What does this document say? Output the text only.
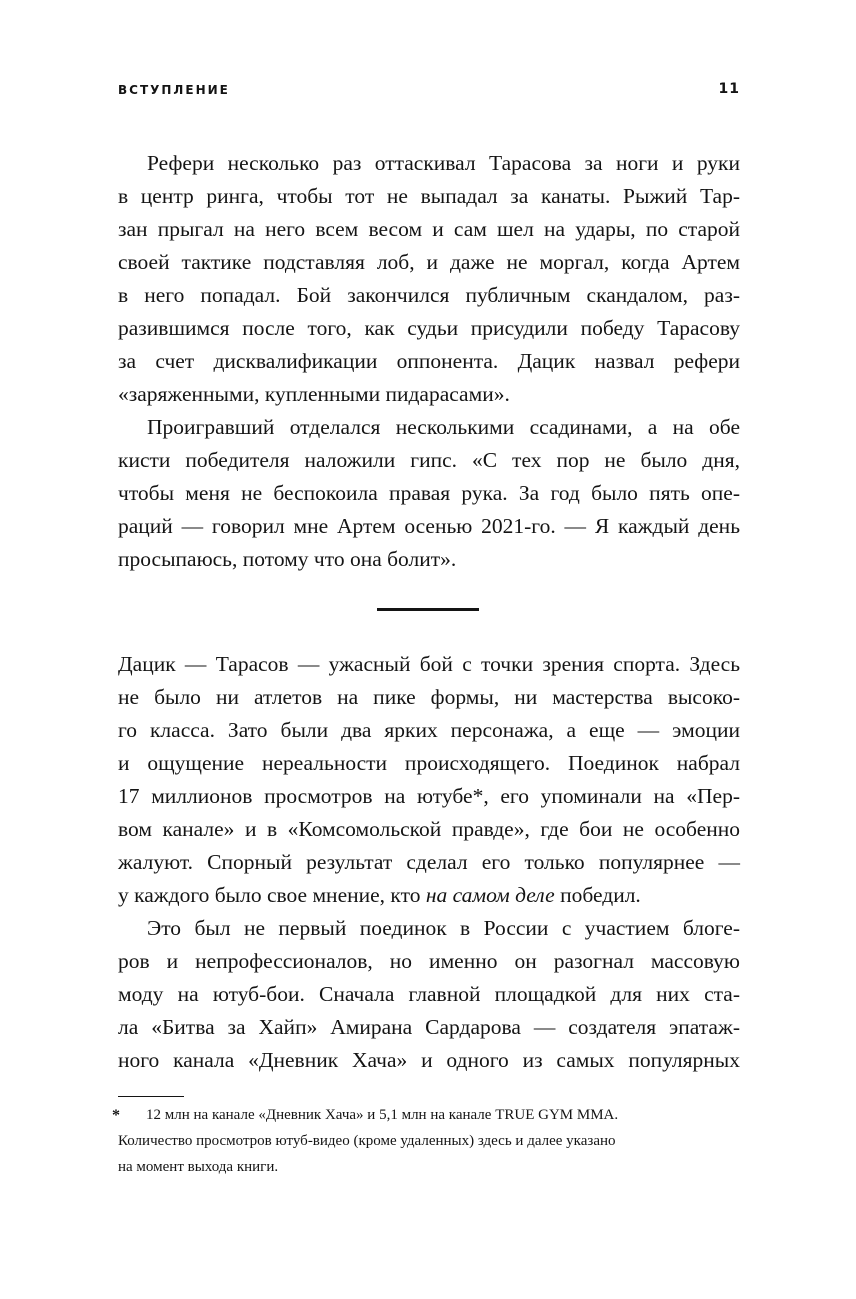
ВСТУПЛЕНИЕ	11
Рефери несколько раз оттаскивал Тарасова за ноги и руки
в центр ринга, чтобы тот не выпадал за канаты. Рыжий Тар-
зан прыгал на него всем весом и сам шел на удары, по старой
своей тактике подставляя лоб, и даже не моргал, когда Артем
в него попадал. Бой закончился публичным скандалом, раз-
разившимся после того, как судьи присудили победу Тарасову
за счет дисквалификации оппонента. Дацик назвал рефери
«заряженными, купленными пидарасами».
Проигравший отделался несколькими ссадинами, а на обе
кисти победителя наложили гипс. «С тех пор не было дня,
чтобы меня не беспокоила правая рука. За год было пять опе-
раций — говорил мне Артем осенью 2021-го. — Я каждый день
просыпаюсь, потому что она болит».
Дацик — Тарасов — ужасный бой с точки зрения спорта. Здесь
не было ни атлетов на пике формы, ни мастерства высоко-
го класса. Зато были два ярких персонажа, а еще — эмоции
и ощущение нереальности происходящего. Поединок набрал
17 миллионов просмотров на ютубе*, его упоминали на «Пер-
вом канале» и в «Комсомольской правде», где бои не особенно
жалуют. Спорный результат сделал его только популярнее —
у каждого было свое мнение, кто на самом деле победил.
Это был не первый поединок в России с участием блоге-
ров и непрофессионалов, но именно он разогнал массовую
моду на ютуб-бои. Сначала главной площадкой для них ста-
ла «Битва за Хайп» Амирана Сардарова — создателя эпатаж-
ного канала «Дневник Хача» и одного из самых популярных
* 12 млн на канале «Дневник Хача» и 5,1 млн на канале TRUE GYM MMA.
Количество просмотров ютуб-видео (кроме удаленных) здесь и далее указано
на момент выхода книги.
